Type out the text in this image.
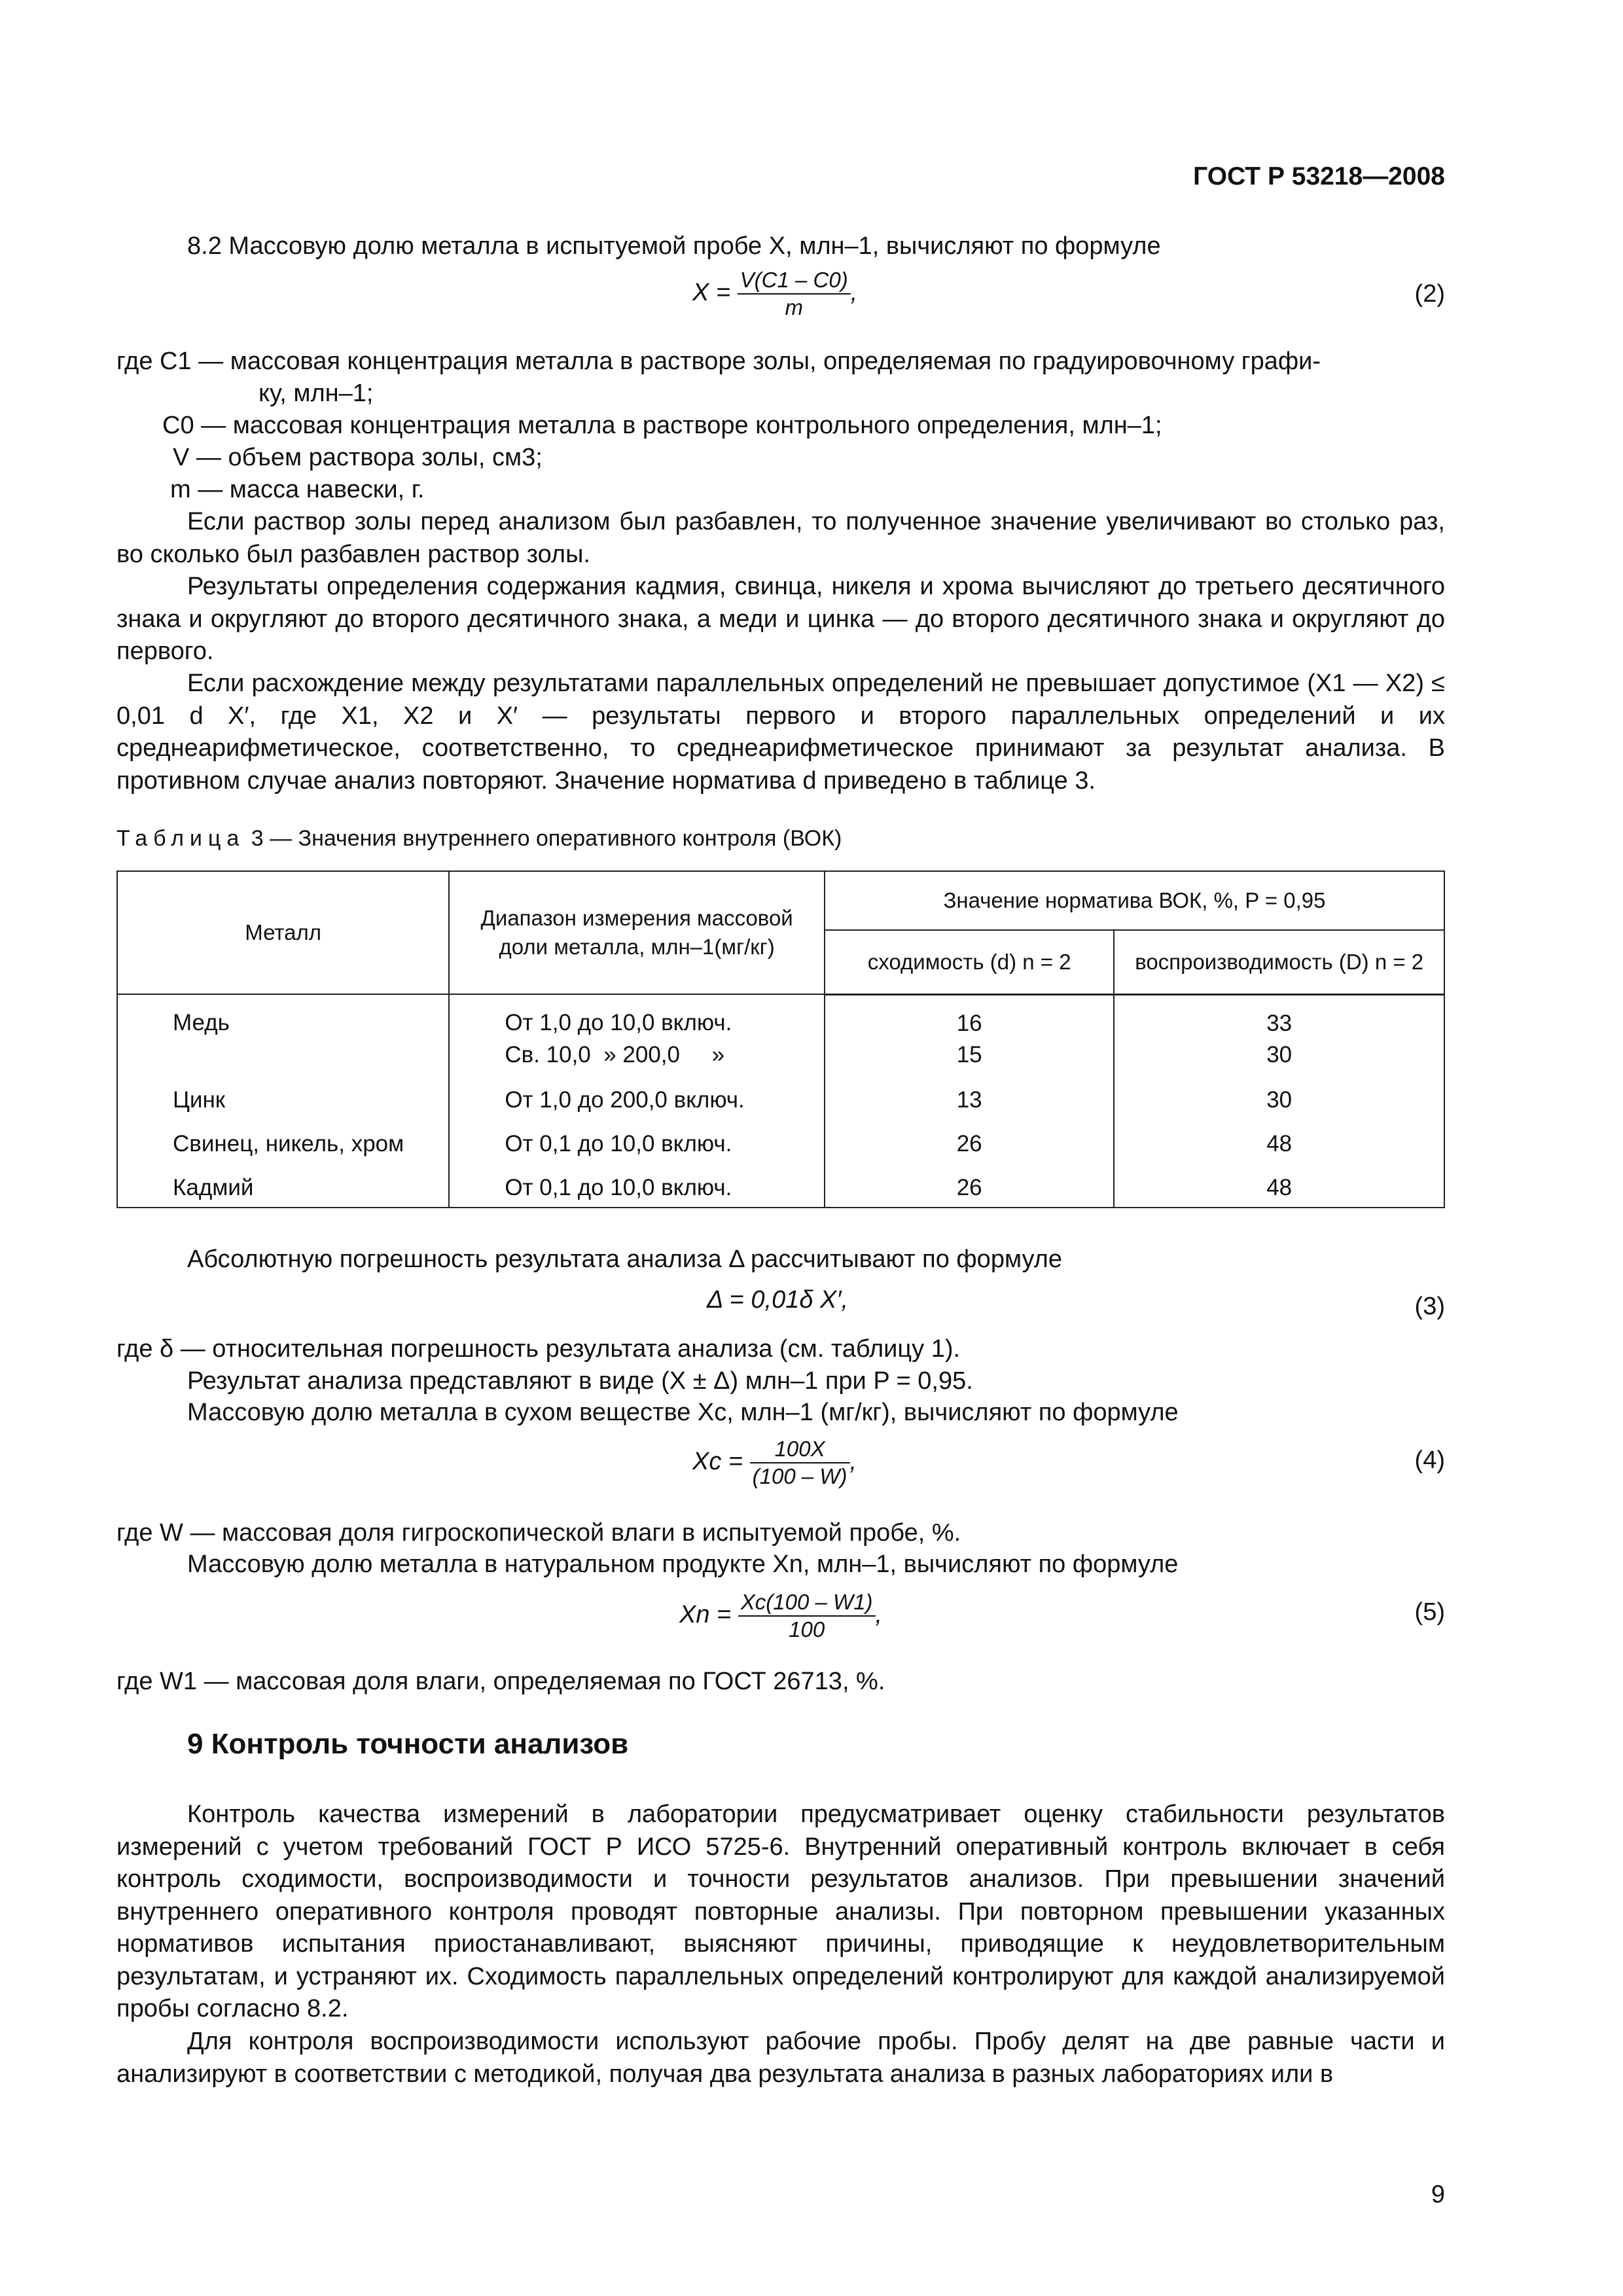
ГОСТ Р 53218—2008
8.2 Массовую долю металла в испытуемой пробе X, млн–1, вычисляют по формуле
$X = \frac{V(C1 - C0)}{m}$ ,	(2)
где C1 — массовая концентрация металла в растворе золы, определяемая по градуировочному графи-
ку, млн–1;
C0 — массовая концентрация металла в растворе контрольного определения, млн–1;
V — объем раствора золы, см3;
m — масса навески, г.
Если раствор золы перед анализом был разбавлен, то полученное значение увеличивают во столько раз, во сколько был разбавлен раствор золы.
Результаты определения содержания кадмия, свинца, никеля и хрома вычисляют до третьего десятичного знака и округляют до второго десятичного знака, а меди и цинка — до второго десятичного знака и округляют до первого.
Если расхождение между результатами параллельных определений не превышает допустимое (X1 — X2) ≤ 0,01 d X′, где X1, X2 и X′ — результаты первого и второго параллельных определений и их среднеарифметическое, соответственно, то среднеарифметическое принимают за результат анализа. В противном случае анализ повторяют. Значение норматива d приведено в таблице 3.
Таблица 3 — Значения внутреннего оперативного контроля (ВОК)
Металл	Диапазон измерения массовой доли металла, млн–1(мг/кг)	Значение норматива ВОК, %, P = 0,95	
		сходимость (d) n = 2	воспроизводимость (D) n = 2
Медь	От 1,0 до 10,0 включ.	16	33
	Св. 10,0  » 200,0     »	15	30
Цинк	От 1,0 до 200,0 включ.	13	30
Свинец, никель, хром	От 0,1 до 10,0 включ.	26	48
Кадмий	От 0,1 до 10,0 включ.	26	48
Абсолютную погрешность результата анализа Δ рассчитывают по формуле
Δ = 0,01δ X′,	(3)
где δ — относительная погрешность результата анализа (см. таблицу 1).
Результат анализа представляют в виде (X ± Δ) млн–1 при P = 0,95.
Массовую долю металла в сухом веществе Xc, млн–1 (мг/кг), вычисляют по формуле
$Xc = \frac{100X}{(100 - W)}$ ,	(4)
где W — массовая доля гигроскопической влаги в испытуемой пробе, %.
Массовую долю металла в натуральном продукте Xn, млн–1, вычисляют по формуле
$Xn = \frac{Xc(100 - W1)}{100}$ ,	(5)
где W1 — массовая доля влаги, определяемая по ГОСТ 26713, %.
9 Контроль точности анализов
Контроль качества измерений в лаборатории предусматривает оценку стабильности результатов измерений с учетом требований ГОСТ Р ИСО 5725-6. Внутренний оперативный контроль включает в себя контроль сходимости, воспроизводимости и точности результатов анализов. При превышении значений внутреннего оперативного контроля проводят повторные анализы. При повторном превышении указанных нормативов испытания приостанавливают, выясняют причины, приводящие к неудовлетворительным результатам, и устраняют их. Сходимость параллельных определений контролируют для каждой анализируемой пробы согласно 8.2.
Для контроля воспроизводимости используют рабочие пробы. Пробу делят на две равные части и анализируют в соответствии с методикой, получая два результата анализа в разных лабораториях или в
9
